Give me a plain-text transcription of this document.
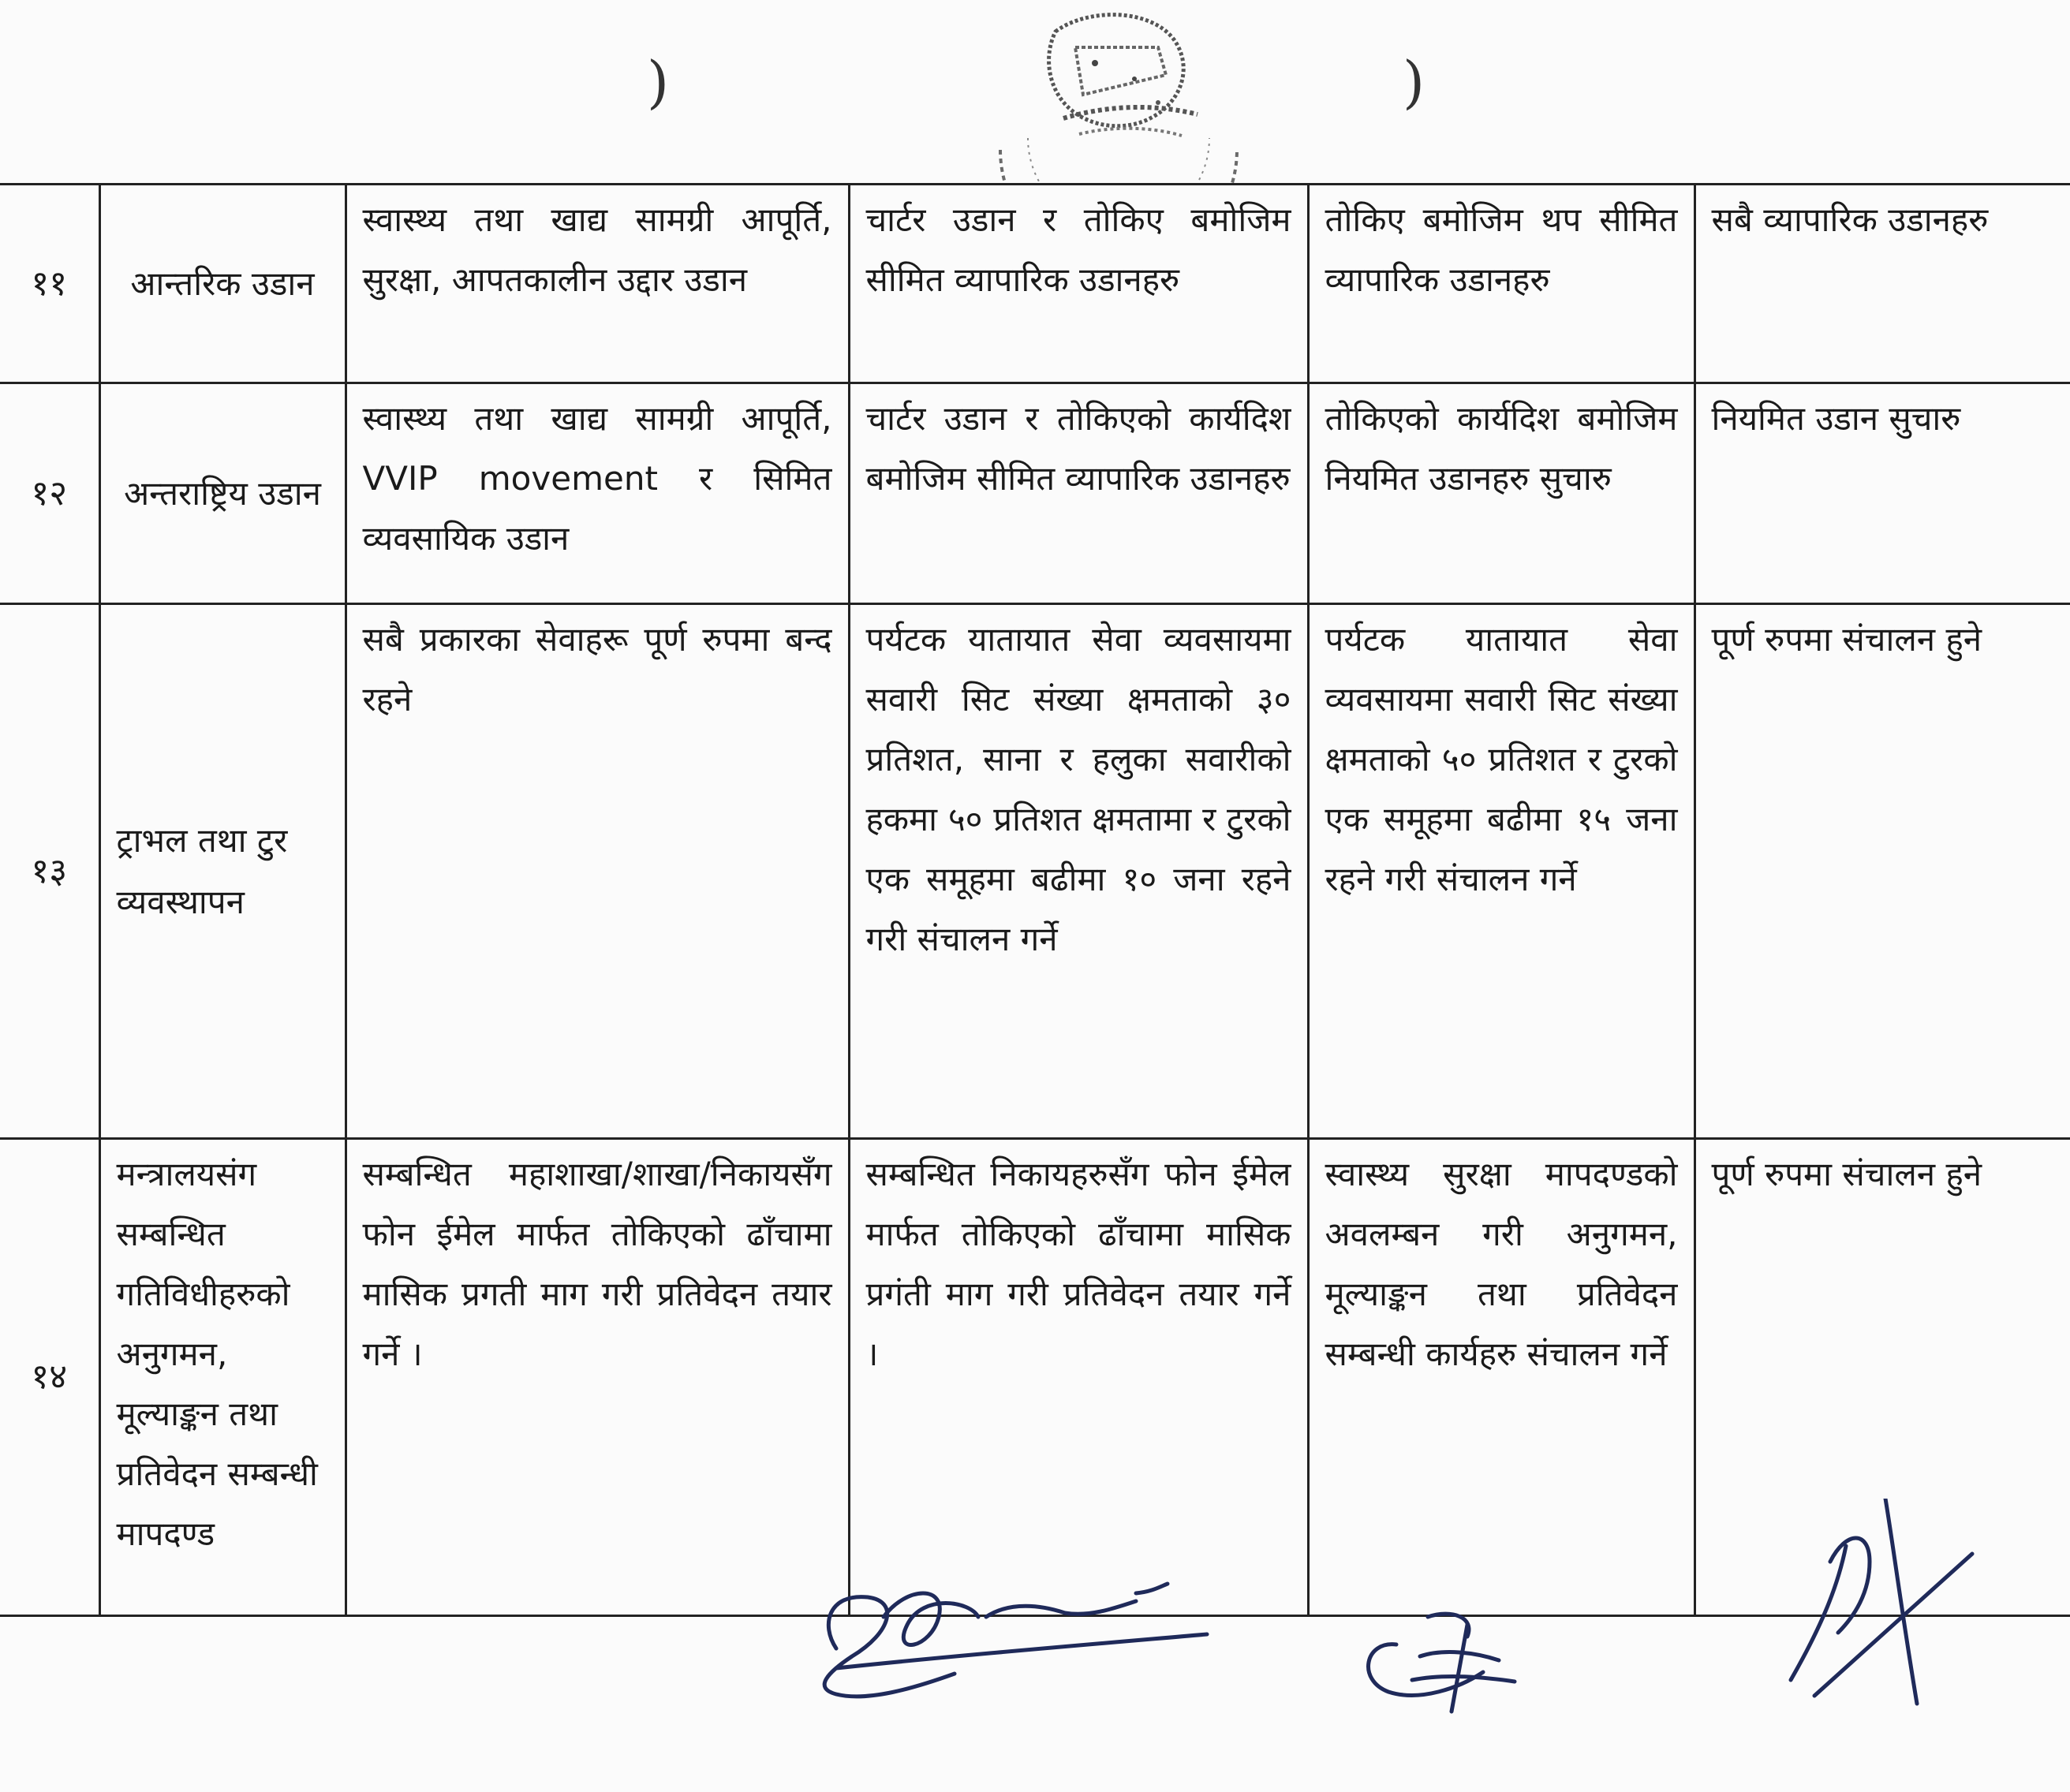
)	)
११	आन्तरिक उडान	स्वास्थ्य तथा खाद्य सामग्री आपूर्ति, सुरक्षा, आपतकालीन उद्दार उडान	चार्टर उडान र तोकिए बमोजिम सीमित व्यापारिक उडानहरु	तोकिए बमोजिम थप सीमित व्यापारिक उडानहरु	सबै व्यापारिक उडानहरु
१२	अन्तराष्ट्रिय उडान	स्वास्थ्य तथा खाद्य सामग्री आपूर्ति, VVIP movement र सिमित व्यवसायिक उडान	चार्टर उडान र तोकिएको कार्यदिश बमोजिम सीमित व्यापारिक उडानहरु	तोकिएको कार्यदिश बमोजिम नियमित उडानहरु सुचारु	नियमित उडान सुचारु
१३	ट्राभल तथा टुर व्यवस्थापन	सबै प्रकारका सेवाहरू पूर्ण रुपमा बन्द रहने	पर्यटक यातायात सेवा व्यवसायमा सवारी सिट संख्या क्षमताको ३० प्रतिशत, साना र हलुका सवारीको हकमा ५० प्रतिशत क्षमतामा र टुरको एक समूहमा बढीमा १० जना रहने गरी संचालन गर्ने	पर्यटक यातायात सेवा व्यवसायमा सवारी सिट संख्या क्षमताको ५० प्रतिशत र टुरको एक समूहमा बढीमा १५ जना रहने गरी संचालन गर्ने	पूर्ण रुपमा संचालन हुने
१४	मन्त्रालयसंग सम्बन्धित गतिविधीहरुको अनुगमन, मूल्याङ्कन तथा प्रतिवेदन सम्बन्धी मापदण्ड	सम्बन्धित महाशाखा/शाखा/निकायसँग फोन ईमेल मार्फत तोकिएको ढाँचामा मासिक प्रगती माग गरी प्रतिवेदन तयार गर्ने ।	सम्बन्धित निकायहरुसँग फोन ईमेल मार्फत तोकिएको ढाँचामा मासिक प्रगंती माग गरी प्रतिवेदन तयार गर्ने ।	स्वास्थ्य सुरक्षा मापदण्डको अवलम्बन गरी अनुगमन, मूल्याङ्कन तथा प्रतिवेदन सम्बन्धी कार्यहरु संचालन गर्ने	पूर्ण रुपमा संचालन हुने
